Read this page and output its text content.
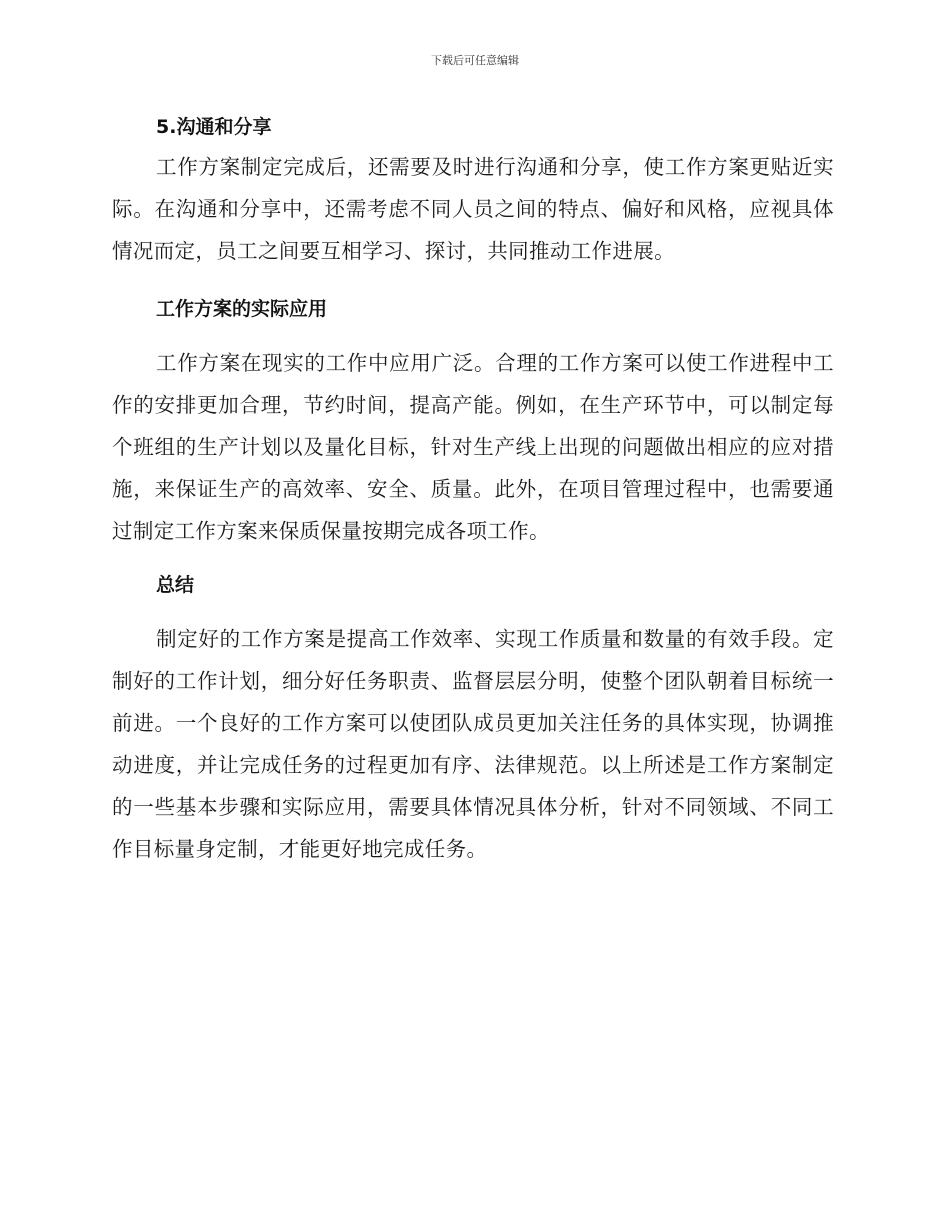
下载后可任意编辑
5.沟通和分享

工作方案制定完成后，还需要及时进行沟通和分享，使工作方案更贴近实际。在沟通和分享中，还需考虑不同人员之间的特点、偏好和风格，应视具体情况而定，员工之间要互相学习、探讨，共同推动工作进展。

工作方案的实际应用

工作方案在现实的工作中应用广泛。合理的工作方案可以使工作进程中工作的安排更加合理，节约时间，提高产能。例如，在生产环节中，可以制定每个班组的生产计划以及量化目标，针对生产线上出现的问题做出相应的应对措施，来保证生产的高效率、安全、质量。此外，在项目管理过程中，也需要通过制定工作方案来保质保量按期完成各项工作。

总结

制定好的工作方案是提高工作效率、实现工作质量和数量的有效手段。定制好的工作计划，细分好任务职责、监督层层分明，使整个团队朝着目标统一前进。一个良好的工作方案可以使团队成员更加关注任务的具体实现，协调推动进度，并让完成任务的过程更加有序、法律规范。以上所述是工作方案制定的一些基本步骤和实际应用，需要具体情况具体分析，针对不同领域、不同工作目标量身定制，才能更好地完成任务。
